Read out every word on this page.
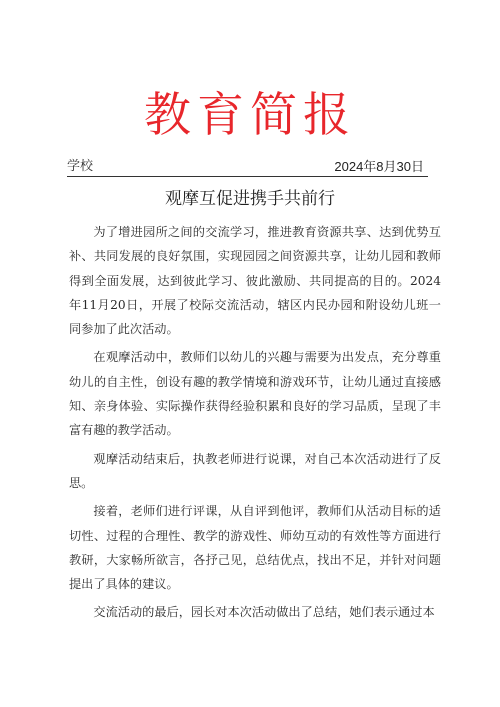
教育简报
学校	2024年8月30日
观摩互促进携手共前行

为了增进园所之间的交流学习，推进教育资源共享、达到优势互补、共同发展的良好氛围，实现园园之间资源共享，让幼儿园和教师得到全面发展，达到彼此学习、彼此激励、共同提高的目的。2024年11月20日，开展了校际交流活动，辖区内民办园和附设幼儿班一同参加了此次活动。

在观摩活动中，教师们以幼儿的兴趣与需要为出发点，充分尊重幼儿的自主性，创设有趣的教学情境和游戏环节，让幼儿通过直接感知、亲身体验、实际操作获得经验积累和良好的学习品质，呈现了丰富有趣的教学活动。

观摩活动结束后，执教老师进行说课，对自己本次活动进行了反思。

接着，老师们进行评课，从自评到他评，教师们从活动目标的适切性、过程的合理性、教学的游戏性、师幼互动的有效性等方面进行教研，大家畅所欲言，各抒己见，总结优点，找出不足，并针对问题提出了具体的建议。

交流活动的最后，园长对本次活动做出了总结，她们表示通过本
